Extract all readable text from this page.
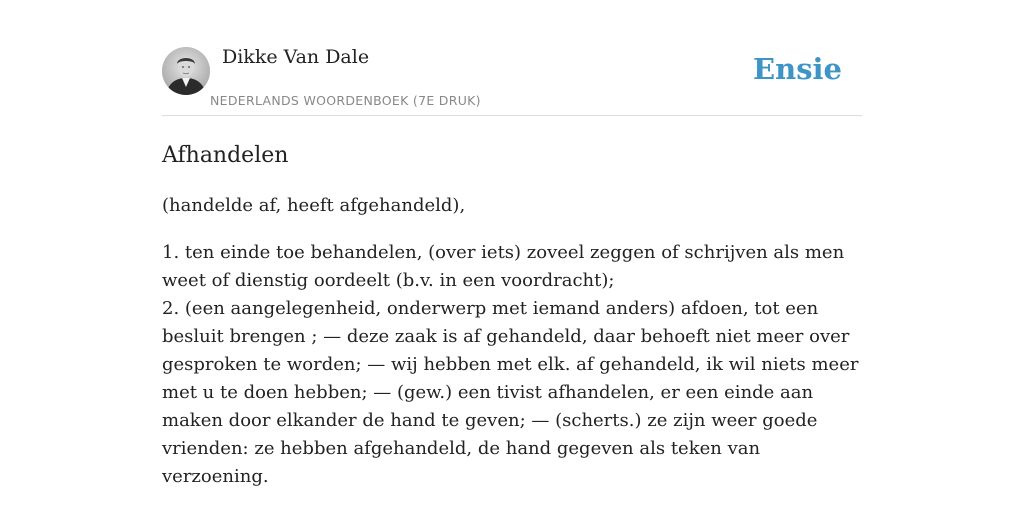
Dikke Van Dale
NEDERLANDS WOORDENBOEK (7E DRUK)
Ensie
Afhandelen

(handelde af, heeft afgehandeld),

1. ten einde toe behandelen, (over iets) zoveel zeggen of schrijven als men weet of dienstig oordeelt (b.v. in een voordracht);
2. (een aangelegenheid, onderwerp met iemand anders) afdoen, tot een besluit brengen ; — deze zaak is af gehandeld, daar behoeft niet meer over gesproken te worden; — wij hebben met elk. af gehandeld, ik wil niets meer met u te doen hebben; — (gew.) een tivist afhandelen, er een einde aan maken door elkander de hand te geven; — (scherts.) ze zijn weer goede vrienden: ze hebben afgehandeld, de hand gegeven als teken van verzoening.
